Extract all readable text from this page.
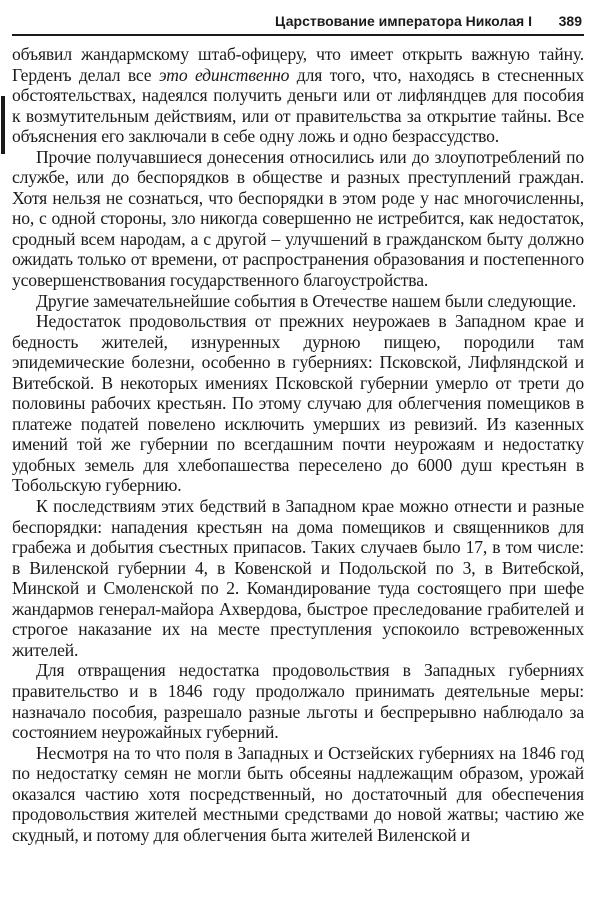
Царствование императора Николая I 389

объявил жандармскому штаб-офицеру, что имеет открыть важную тайну. Герденъ делал все это единственно для того, что, находясь в стесненных обстоятельствах, надеялся получить деньги или от лифляндцев для пособия к возмутительным действиям, или от правительства за открытие тайны. Все объяснения его заключали в себе одну ложь и одно безрассудство.

Прочие получавшиеся донесения относились или до злоупотреблений по службе, или до беспорядков в обществе и разных преступлений граждан. Хотя нельзя не сознаться, что беспорядки в этом роде у нас многочисленны, но, с одной стороны, зло никогда совершенно не истребится, как недостаток, сродный всем народам, а с другой – улучшений в гражданском быту должно ожидать только от времени, от распространения образования и постепенного усовершенствования государственного благоустройства.

Другие замечательнейшие события в Отечестве нашем были следующие.

Недостаток продовольствия от прежних неурожаев в Западном крае и бедность жителей, изнуренных дурною пищею, породили там эпидемические болезни, особенно в губерниях: Псковской, Лифляндской и Витебской. В некоторых имениях Псковской губернии умерло от трети до половины рабочих крестьян. По этому случаю для облегчения помещиков в платеже податей повелено исключить умерших из ревизий. Из казенных имений той же губернии по всегдашним почти неурожаям и недостатку удобных земель для хлебопашества переселено до 6000 душ крестьян в Тобольскую губернию.

К последствиям этих бедствий в Западном крае можно отнести и разные беспорядки: нападения крестьян на дома помещиков и священников для грабежа и добытия съестных припасов. Таких случаев было 17, в том числе: в Виленской губернии 4, в Ковенской и Подольской по 3, в Витебской, Минской и Смоленской по 2. Командирование туда состоящего при шефе жандармов генерал-майора Ахвердова, быстрое преследование грабителей и строгое наказание их на месте преступления успокоило встревоженных жителей.

Для отвращения недостатка продовольствия в Западных губерниях правительство и в 1846 году продолжало принимать деятельные меры: назначало пособия, разрешало разные льготы и беспрерывно наблюдало за состоянием неурожайных губерний.

Несмотря на то что поля в Западных и Остзейских губерниях на 1846 год по недостатку семян не могли быть обсеяны надлежащим образом, урожай оказался частию хотя посредственный, но достаточный для обеспечения продовольствия жителей местными средствами до новой жатвы; частию же скудный, и потому для облегчения быта жителей Виленской и
